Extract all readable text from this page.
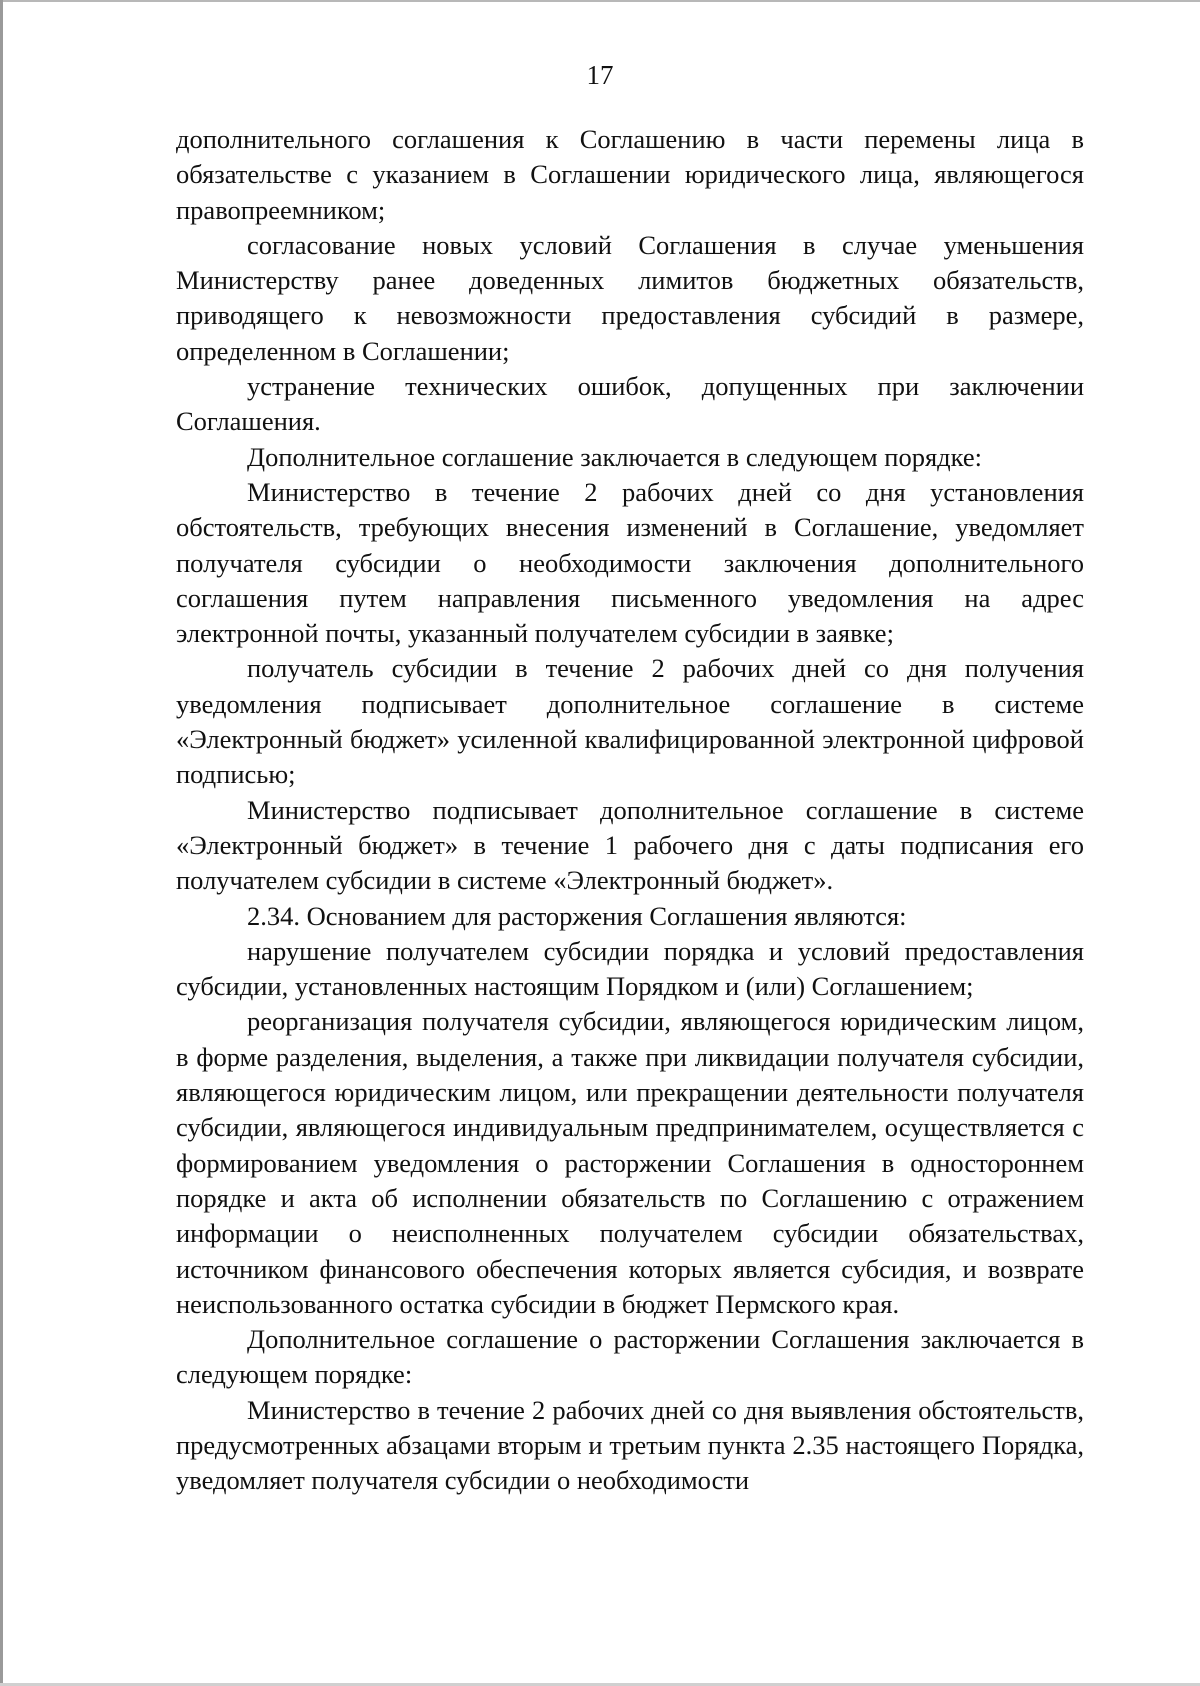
17

дополнительного соглашения к Соглашению в части перемены лица в обязательстве с указанием в Соглашении юридического лица, являющегося правопреемником;

согласование новых условий Соглашения в случае уменьшения Министерству ранее доведенных лимитов бюджетных обязательств, приводящего к невозможности предоставления субсидий в размере, определенном в Соглашении;

устранение технических ошибок, допущенных при заключении Соглашения.

Дополнительное соглашение заключается в следующем порядке:

Министерство в течение 2 рабочих дней со дня установления обстоятельств, требующих внесения изменений в Соглашение, уведомляет получателя субсидии о необходимости заключения дополнительного соглашения путем направления письменного уведомления на адрес электронной почты, указанный получателем субсидии в заявке;

получатель субсидии в течение 2 рабочих дней со дня получения уведомления подписывает дополнительное соглашение в системе «Электронный бюджет» усиленной квалифицированной электронной цифровой подписью;

Министерство подписывает дополнительное соглашение в системе «Электронный бюджет» в течение 1 рабочего дня с даты подписания его получателем субсидии в системе «Электронный бюджет».

2.34. Основанием для расторжения Соглашения являются:

нарушение получателем субсидии порядка и условий предоставления субсидии, установленных настоящим Порядком и (или) Соглашением;

реорганизация получателя субсидии, являющегося юридическим лицом, в форме разделения, выделения, а также при ликвидации получателя субсидии, являющегося юридическим лицом, или прекращении деятельности получателя субсидии, являющегося индивидуальным предпринимателем, осуществляется с формированием уведомления о расторжении Соглашения в одностороннем порядке и акта об исполнении обязательств по Соглашению с отражением информации о неисполненных получателем субсидии обязательствах, источником финансового обеспечения которых является субсидия, и возврате неиспользованного остатка субсидии в бюджет Пермского края.

Дополнительное соглашение о расторжении Соглашения заключается в следующем порядке:

Министерство в течение 2 рабочих дней со дня выявления обстоятельств, предусмотренных абзацами вторым и третьим пункта 2.35 настоящего Порядка, уведомляет получателя субсидии о необходимости
